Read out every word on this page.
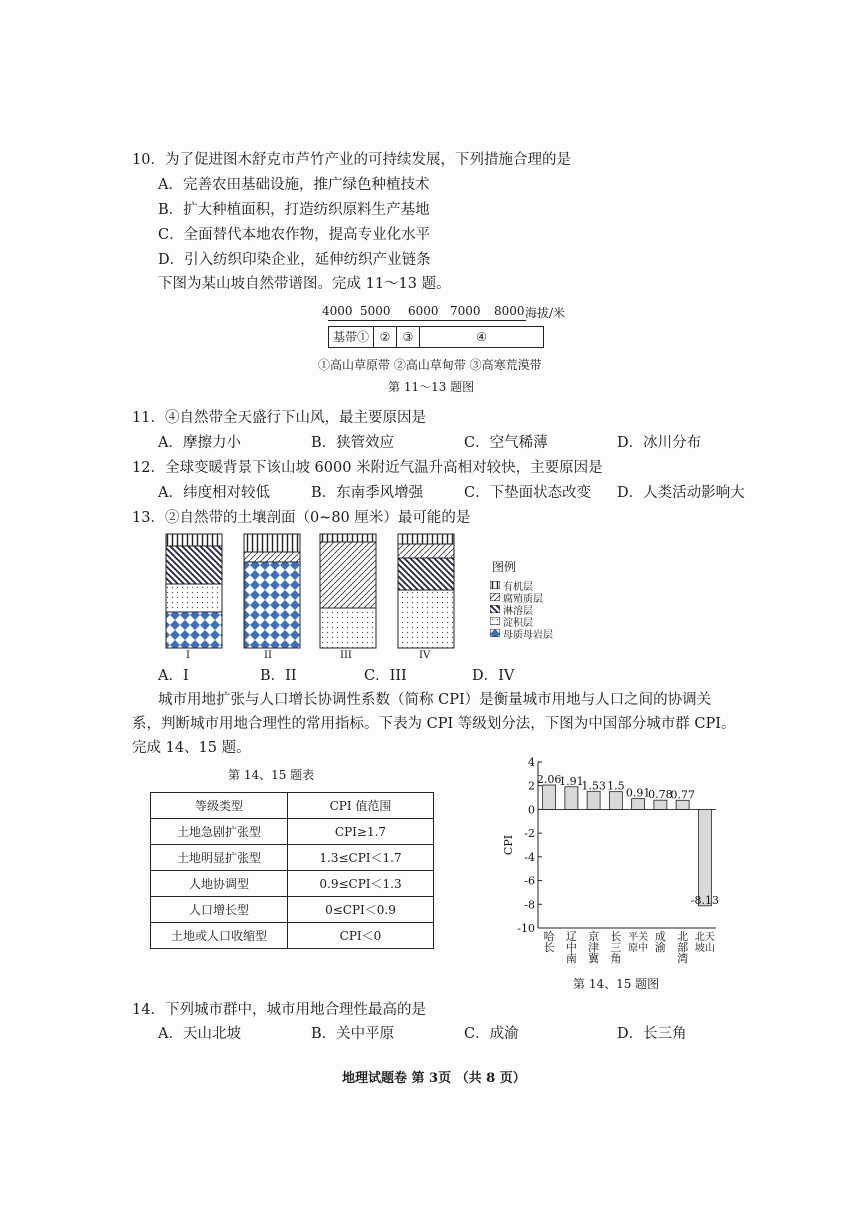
10．为了促进图木舒克市芦竹产业的可持续发展，下列措施合理的是
A．完善农田基础设施，推广绿色种植技术
B．扩大种植面积，打造纺织原料生产基地
C．全面替代本地农作物，提高专业化水平
D．引入纺织印染企业，延伸纺织产业链条
下图为某山坡自然带谱图。完成 11～13 题。
4000 5000 6000 7000 8000 海拔/米
基带① ②	③	④
①高山草原带 ②高山草甸带 ③高寒荒漠带
第 11～13 题图
11．④自然带全天盛行下山风，最主要原因是
A．摩擦力小	B．狭管效应	C．空气稀薄	D．冰川分布
12．全球变暖背景下该山坡 6000 米附近气温升高相对较快，主要原因是
A．纬度相对较低	B．东南季风增强	C．下垫面状态改变 D．人类活动影响大
13．②自然带的土壤剖面（0~80 厘米）最可能的是
I	II	III	IV
图例
有机层
腐殖质层
淋溶层
淀积层
母质母岩层
A．I	B．II	C．III	D．IV
城市用地扩张与人口增长协调性系数（简称 CPI）是衡量城市用地与人口之间的协调关
系，判断城市用地合理性的常用指标。下表为 CPI 等级划分法，下图为中国部分城市群 CPI。
完成 14、15 题。
第 14、15 题表
等级类型	CPI 值范围
土地急剧扩张型	CPI≥1.7
土地明显扩张型	1.3≤CPI＜1.7
人地协调型	0.9≤CPI＜1.3
人口增长型	0≤CPI＜0.9
土地或人口收缩型	CPI＜0
4
2
0
-2
-4
-6
-8
-10
CPI
2.06
哈长
1.91
辽中南
1.53
京津冀
1.5
长三角
0.91
关中平原
0.78
成渝
0.77
北部湾
-8.13
天山北坡
第 14、15 题图
14．下列城市群中，城市用地合理性最高的是
A．天山北坡	B．关中平原	C．成渝	D．长三角
地理试题卷 第 3页 （共 8 页）
